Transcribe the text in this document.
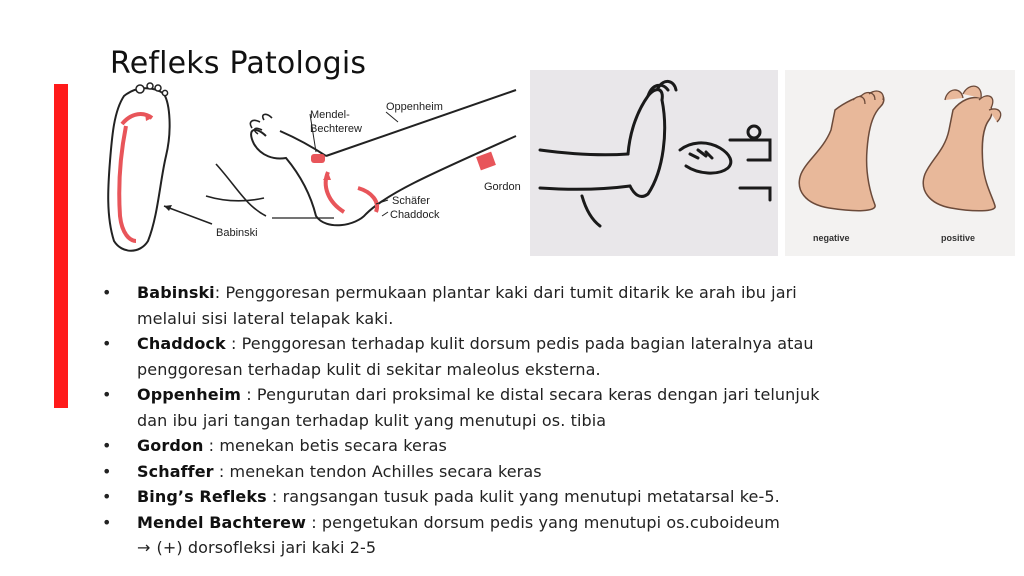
Refleks Patologis
Babinski
Mendel-
Bechterew
Oppenheim
Gordon
Schäfer
Chaddock
negative	positive
• Babinski: Penggoresan permukaan plantar kaki dari tumit ditarik ke arah ibu jari
melalui sisi lateral telapak kaki.
• Chaddock : Penggoresan terhadap kulit dorsum pedis pada bagian lateralnya atau
penggoresan terhadap kulit di sekitar maleolus eksterna.
• Oppenheim : Pengurutan dari proksimal ke distal secara keras dengan jari telunjuk
dan ibu jari tangan terhadap kulit yang menutupi os. tibia
• Gordon : menekan betis secara keras
• Schaffer : menekan tendon Achilles secara keras
• Bing’s Refleks : rangsangan tusuk pada kulit yang menutupi metatarsal ke-5.
• Mendel Bachterew : pengetukan dorsum pedis yang menutupi os.cuboideum
→ (+) dorsofleksi jari kaki 2-5
